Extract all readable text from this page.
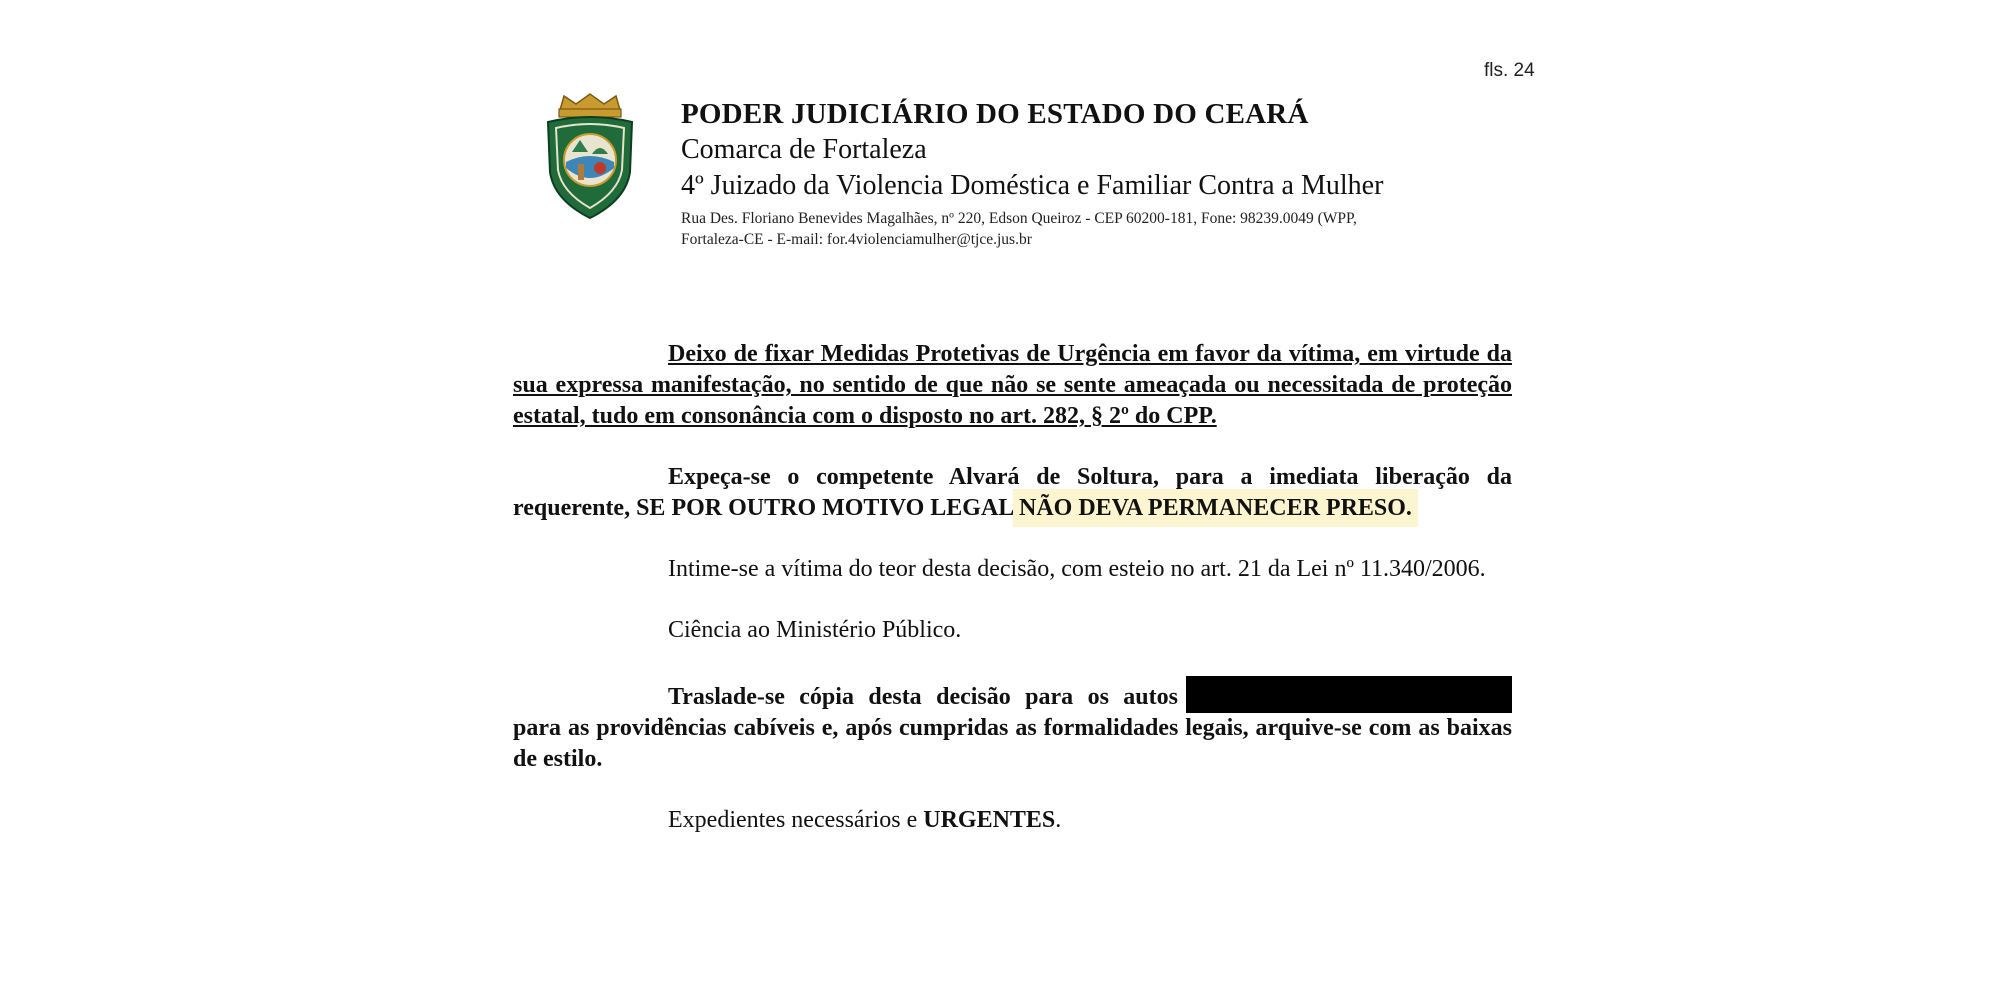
fls. 24
PODER JUDICIÁRIO DO ESTADO DO CEARÁ
Comarca de Fortaleza
4º Juizado da Violencia Doméstica e Familiar Contra a Mulher
Rua Des. Floriano Benevides Magalhães, nº 220, Edson Queiroz - CEP 60200-181, Fone: 98239.0049 (WPP,
Fortaleza-CE - E-mail: for.4violenciamulher@tjce.jus.br

Deixo de fixar Medidas Protetivas de Urgência em favor da vítima, em virtude da sua expressa manifestação, no sentido de que não se sente ameaçada ou necessitada de proteção estatal, tudo em consonância com o disposto no art. 282, § 2º do CPP.

Expeça-se o competente Alvará de Soltura, para a imediata liberação da requerente, SE POR OUTRO MOTIVO LEGAL NÃO DEVA PERMANECER PRESO.

Intime-se a vítima do teor desta decisão, com esteio no art. 21 da Lei nº 11.340/2006.

Ciência ao Ministério Público.

Traslade-se cópia desta decisão para os autos para as providências cabíveis e, após cumpridas as formalidades legais, arquive-se com as baixas de estilo.

Expedientes necessários e URGENTES.
